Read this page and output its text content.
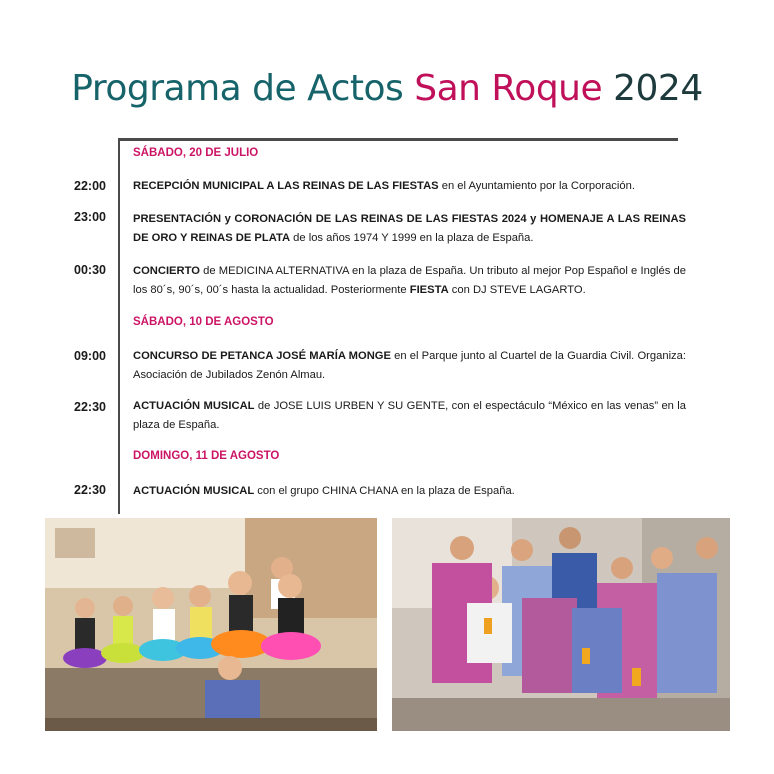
Programa de Actos San Roque 2024
SÁBADO, 20 DE JULIO
22:00 RECEPCIÓN MUNICIPAL A LAS REINAS DE LAS FIESTAS en el Ayuntamiento por la Corporación.
23:00 PRESENTACIÓN y CORONACIÓN DE LAS REINAS DE LAS FIESTAS 2024 y HOMENAJE A LAS REINAS DE ORO Y REINAS DE PLATA de los años 1974 Y 1999 en la plaza de España.
00:30 CONCIERTO de MEDICINA ALTERNATIVA en la plaza de España. Un tributo al mejor Pop Español e Inglés de los 80´s, 90´s, 00´s hasta la actualidad. Posteriormente FIESTA con DJ STEVE LAGARTO.
SÁBADO, 10 DE AGOSTO
09:00 CONCURSO DE PETANCA JOSÉ MARÍA MONGE en el Parque junto al Cuartel de la Guardia Civil. Organiza: Asociación de Jubilados Zenón Almau.
22:30 ACTUACIÓN MUSICAL de JOSE LUIS URBEN Y SU GENTE, con el espectáculo “México en las venas” en la plaza de España.
DOMINGO, 11 DE AGOSTO
22:30 ACTUACIÓN MUSICAL con el grupo CHINA CHANA en la plaza de España.
